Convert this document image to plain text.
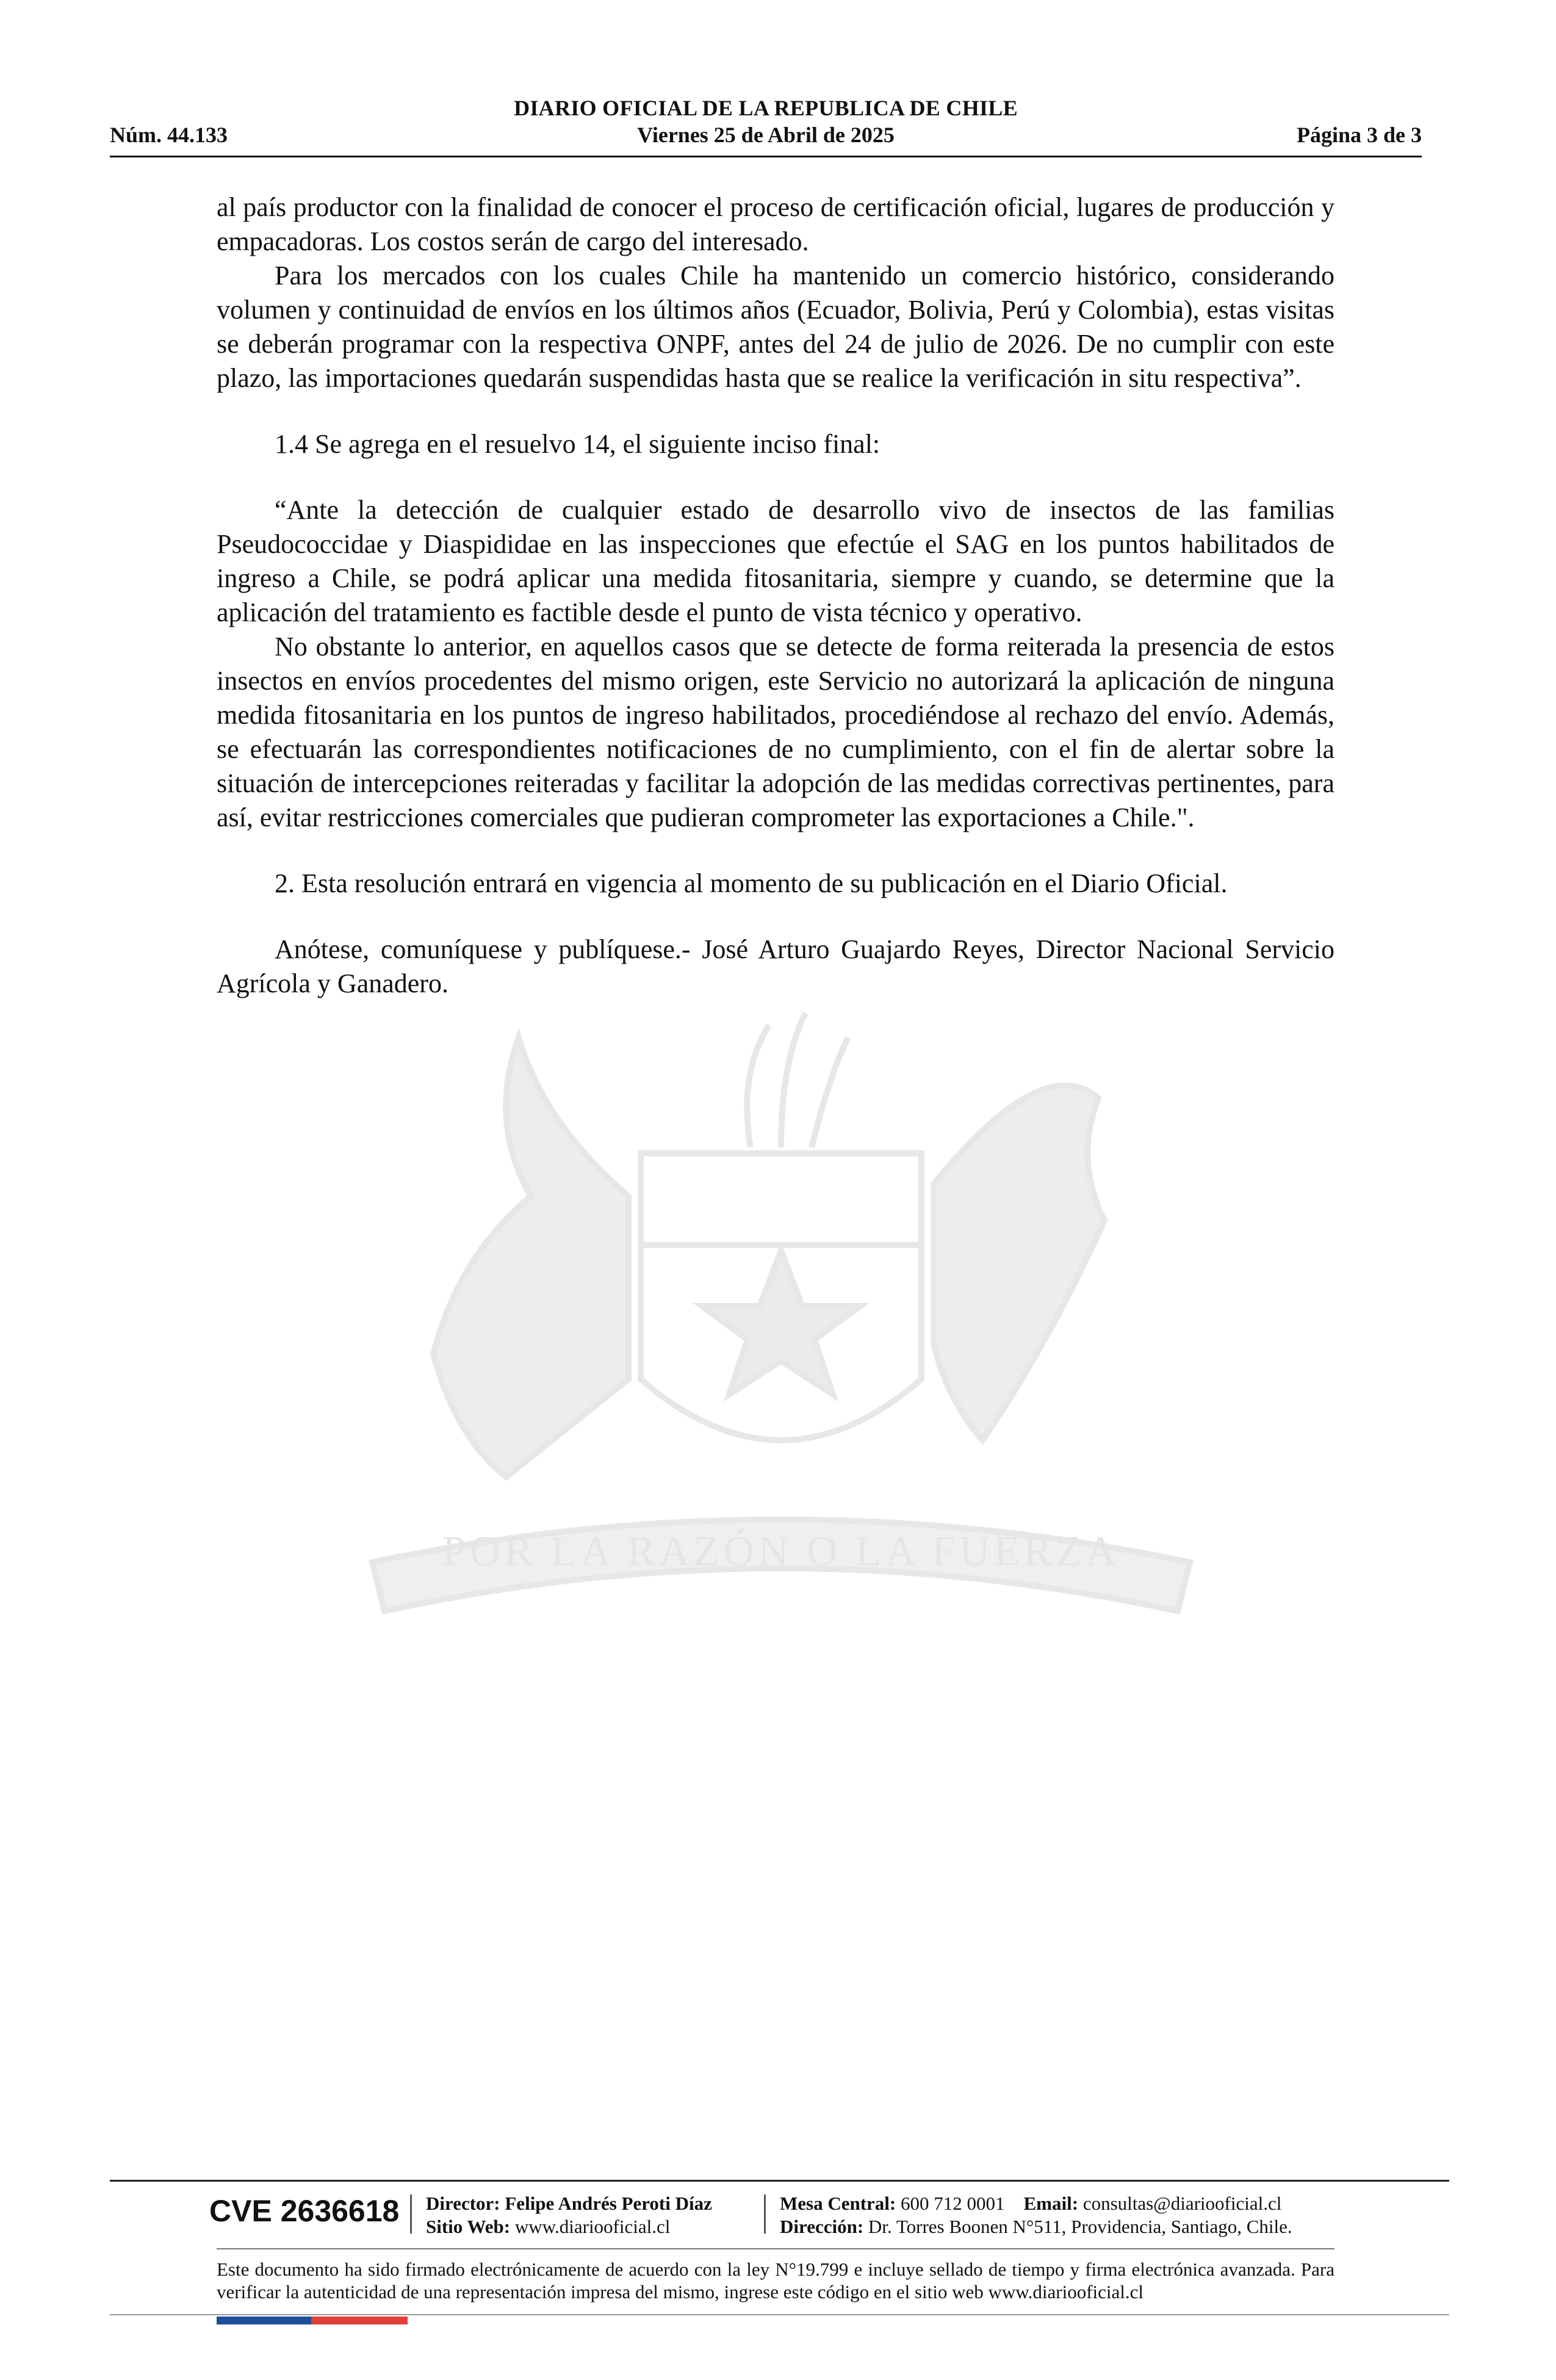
DIARIO OFICIAL DE LA REPUBLICA DE CHILE
Núm. 44.133	Viernes 25 de Abril de 2025	Página 3 de 3
POR LA RAZÓN O LA FUERZA

al país productor con la finalidad de conocer el proceso de certificación oficial, lugares de producción y empacadoras. Los costos serán de cargo del interesado.

Para los mercados con los cuales Chile ha mantenido un comercio histórico, considerando volumen y continuidad de envíos en los últimos años (Ecuador, Bolivia, Perú y Colombia), estas visitas se deberán programar con la respectiva ONPF, antes del 24 de julio de 2026. De no cumplir con este plazo, las importaciones quedarán suspendidas hasta que se realice la verificación in situ respectiva”.

1.4 Se agrega en el resuelvo 14, el siguiente inciso final:

“Ante la detección de cualquier estado de desarrollo vivo de insectos de las familias Pseudococcidae y Diaspididae en las inspecciones que efectúe el SAG en los puntos habilitados de ingreso a Chile, se podrá aplicar una medida fitosanitaria, siempre y cuando, se determine que la aplicación del tratamiento es factible desde el punto de vista técnico y operativo.

No obstante lo anterior, en aquellos casos que se detecte de forma reiterada la presencia de estos insectos en envíos procedentes del mismo origen, este Servicio no autorizará la aplicación de ninguna medida fitosanitaria en los puntos de ingreso habilitados, procediéndose al rechazo del envío. Además, se efectuarán las correspondientes notificaciones de no cumplimiento, con el fin de alertar sobre la situación de intercepciones reiteradas y facilitar la adopción de las medidas correctivas pertinentes, para así, evitar restricciones comerciales que pudieran comprometer las exportaciones a Chile.".

2. Esta resolución entrará en vigencia al momento de su publicación en el Diario Oficial.

Anótese, comuníquese y publíquese.- José Arturo Guajardo Reyes, Director Nacional Servicio Agrícola y Ganadero.

CVE 2636618 Director: Felipe Andrés Peroti Díaz
Sitio Web: www.diariooficial.cl
Mesa Central: 600 712 0001 Email: consultas@diariooficial.cl
Dirección: Dr. Torres Boonen N°511, Providencia, Santiago, Chile.
Este documento ha sido firmado electrónicamente de acuerdo con la ley N°19.799 e incluye sellado de tiempo y firma electrónica avanzada. Para verificar la autenticidad de una representación impresa del mismo, ingrese este código en el sitio web www.diariooficial.cl
